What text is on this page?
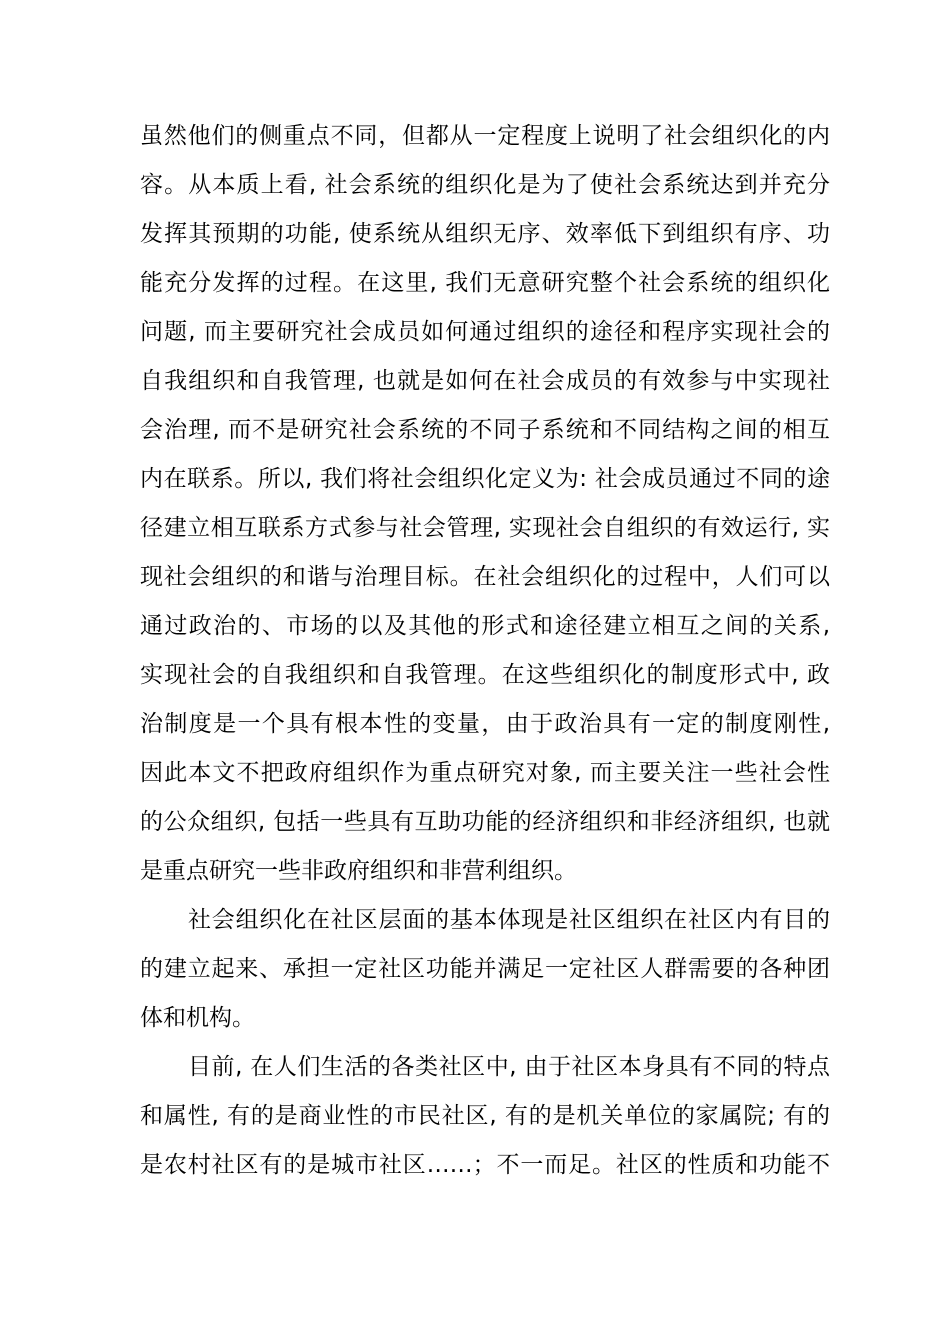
虽然他们的侧重点不同，但都从一定程度上说明了社会组织化的内
容。从本质上看, 社会系统的组织化是为了使社会系统达到并充分
发挥其预期的功能, 使系统从组织无序、效率低下到组织有序、功
能充分发挥的过程。在这里, 我们无意研究整个社会系统的组织化
问题, 而主要研究社会成员如何通过组织的途径和程序实现社会的
自我组织和自我管理, 也就是如何在社会成员的有效参与中实现社
会治理, 而不是研究社会系统的不同子系统和不同结构之间的相互
内在联系。所以, 我们将社会组织化定义为: 社会成员通过不同的途
径建立相互联系方式参与社会管理, 实现社会自组织的有效运行, 实
现社会组织的和谐与治理目标。在社会组织化的过程中，人们可以
通过政治的、市场的以及其他的形式和途径建立相互之间的关系,
实现社会的自我组织和自我管理。在这些组织化的制度形式中, 政
治制度是一个具有根本性的变量，由于政治具有一定的制度刚性,
因此本文不把政府组织作为重点研究对象, 而主要关注一些社会性
的公众组织, 包括一些具有互助功能的经济组织和非经济组织, 也就
是重点研究一些非政府组织和非营利组织。
社会组织化在社区层面的基本体现是社区组织在社区内有目的
的建立起来、承担一定社区功能并满足一定社区人群需要的各种团
体和机构。
目前, 在人们生活的各类社区中, 由于社区本身具有不同的特点
和属性, 有的是商业性的市民社区, 有的是机关单位的家属院; 有的
是农村社区有的是城市社区……；不一而足。社区的性质和功能不
